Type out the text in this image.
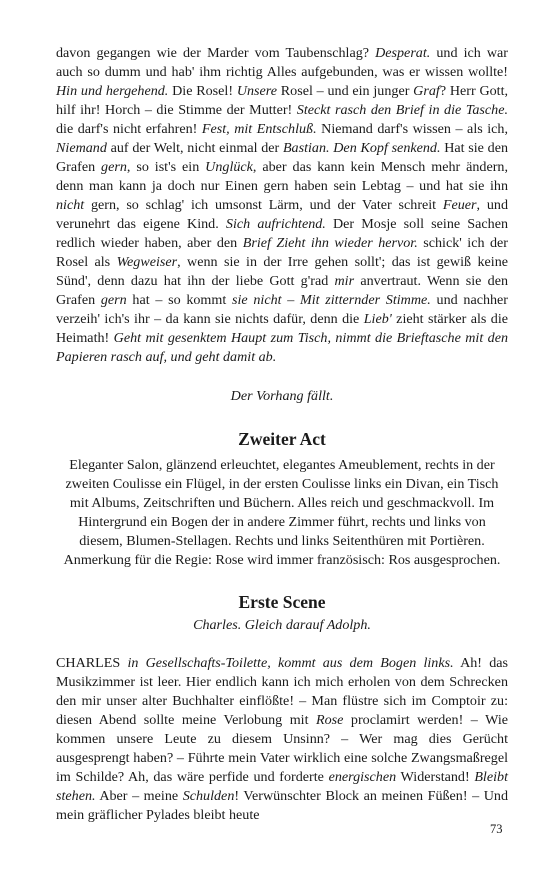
davon gegangen wie der Marder vom Taubenschlag? Desperat. und ich war auch so dumm und hab' ihm richtig Alles aufgebunden, was er wissen wollte! Hin und hergehend. Die Rosel! Unsere Rosel – und ein junger Graf? Herr Gott, hilf ihr! Horch – die Stimme der Mutter! Steckt rasch den Brief in die Tasche. die darf's nicht erfahren! Fest, mit Entschluß. Niemand darf's wissen – als ich, Niemand auf der Welt, nicht einmal der Bastian. Den Kopf senkend. Hat sie den Grafen gern, so ist's ein Unglück, aber das kann kein Mensch mehr ändern, denn man kann ja doch nur Einen gern haben sein Lebtag – und hat sie ihn nicht gern, so schlag' ich umsonst Lärm, und der Vater schreit Feuer, und verunehrt das eigene Kind. Sich aufrichtend. Der Mosje soll seine Sachen redlich wieder haben, aber den Brief Zieht ihn wieder hervor. schick' ich der Rosel als Wegweiser, wenn sie in der Irre gehen sollt'; das ist gewiß keine Sünd', denn dazu hat ihn der liebe Gott g'rad mir anvertraut. Wenn sie den Grafen gern hat – so kommt sie nicht – Mit zitternder Stimme. und nachher verzeih' ich's ihr – da kann sie nichts dafür, denn die Lieb' zieht stärker als die Heimath! Geht mit gesenktem Haupt zum Tisch, nimmt die Brieftasche mit den Papieren rasch auf, und geht damit ab.

Der Vorhang fällt.

Zweiter Act

Eleganter Salon, glänzend erleuchtet, elegantes Ameublement, rechts in der zweiten Coulisse ein Flügel, in der ersten Coulisse links ein Divan, ein Tisch mit Albums, Zeitschriften und Büchern. Alles reich und geschmackvoll. Im Hintergrund ein Bogen der in andere Zimmer führt, rechts und links von diesem, Blumen-Stellagen. Rechts und links Seitenthüren mit Portièren.

Anmerkung für die Regie: Rose wird immer französisch: Ros ausgesprochen.

Erste Scene

Charles. Gleich darauf Adolph.

CHARLES in Gesellschafts-Toilette, kommt aus dem Bogen links. Ah! das Musikzimmer ist leer. Hier endlich kann ich mich erholen von dem Schrecken den mir unser alter Buchhalter einflößte! – Man flüstre sich im Comptoir zu: diesen Abend sollte meine Verlobung mit Rose proclamirt werden! – Wie kommen unsere Leute zu diesem Unsinn? – Wer mag dies Gerücht ausgesprengt haben? – Führte mein Vater wirklich eine solche Zwangsmaßregel im Schilde? Ah, das wäre perfide und forderte energischen Widerstand! Bleibt stehen. Aber – meine Schulden! Verwünschter Block an meinen Füßen! – Und mein gräflicher Pylades bleibt heute

73
